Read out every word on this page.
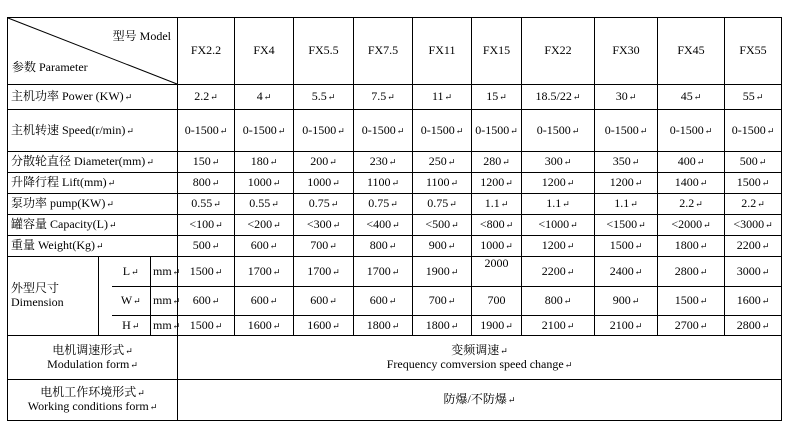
型号 Model
参数 Parameter				FX2.2	FX4	FX5.5	FX7.5	FX11	FX15	FX22	FX30	FX45	FX55
主机功率 Power (KW)↵				2.2↵	4↵	5.5↵	7.5↵	11↵	15↵	18.5/22↵	30↵	45↵	55↵
主机转速 Speed(r/min)↵				0-1500↵	0-1500↵	0-1500↵	0-1500↵	0-1500↵	0-1500↵	0-1500↵	0-1500↵	0-1500↵	0-1500↵
分散轮直径 Diameter(mm)↵				150↵	180↵	200↵	230↵	250↵	280↵	300↵	350↵	400↵	500↵
升降行程 Lift(mm)↵				800↵	1000↵	1000↵	1100↵	1100↵	1200↵	1200↵	1200↵	1400↵	1500↵
泵功率 pump(KW)↵				0.55↵	0.55↵	0.75↵	0.75↵	0.75↵	1.1↵	1.1↵	1.1↵	2.2↵	2.2↵
罐容量 Capacity(L)↵				<100↵	<200↵	<300↵	<400↵	<500↵	<800↵	<1000↵	<1500↵	<2000↵	<3000↵
重量 Weight(Kg)↵				500↵	600↵	700↵	800↵	900↵	1000↵	1200↵	1500↵	1800↵	2200↵
外型尺寸
Dimension		L↵	mm↵	1500↵	1700↵	1700↵	1700↵	1900↵	2000	2200↵	2400↵	2800↵	3000↵
		W↵	mm↵	600↵	600↵	600↵	600↵	700↵	700	800↵	900↵	1500↵	1600↵
		H↵	mm↵	1500↵	1600↵	1600↵	1800↵	1800↵	1900↵	2100↵	2100↵	2700↵	2800↵
电机调速形式↵
Modulation form↵				变频调速↵
Frequency comversion speed change↵									
电机工作环境形式↵
Working conditions form↵				防爆/不防爆↵									
